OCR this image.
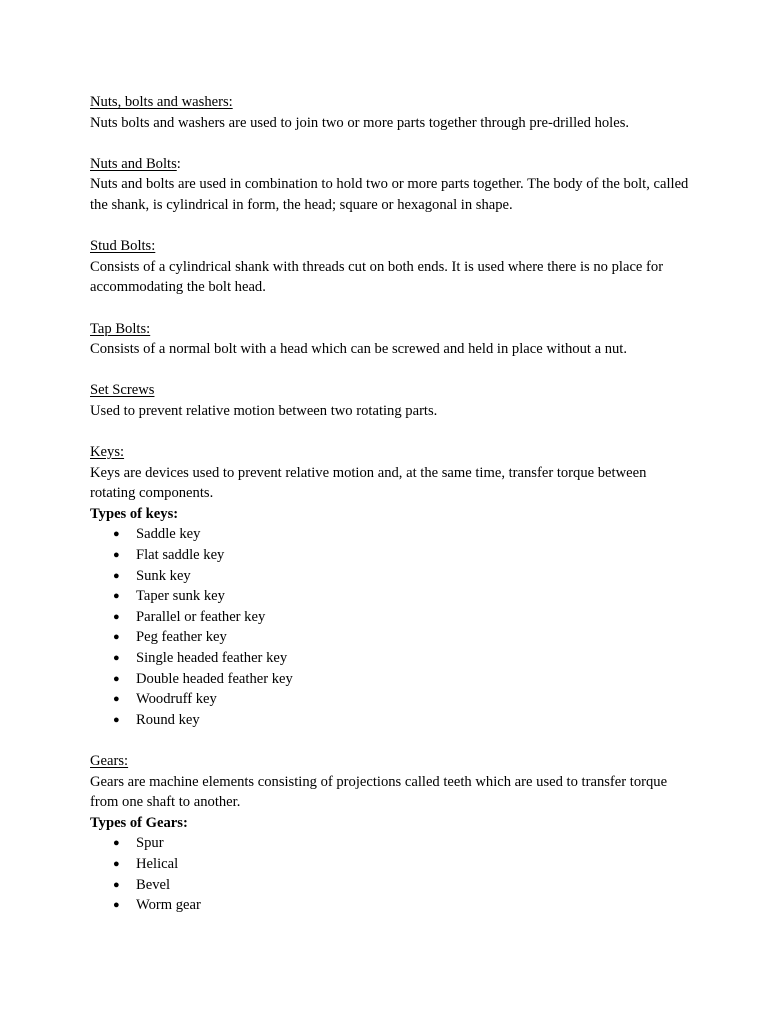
Nuts, bolts and washers:

Nuts bolts and washers are used to join two or more parts together through pre-drilled holes.

Nuts and Bolts:

Nuts and bolts are used in combination to hold two or more parts together. The body of the bolt, called the shank, is cylindrical in form, the head; square or hexagonal in shape.

Stud Bolts:

Consists of a cylindrical shank with threads cut on both ends. It is used where there is no place for accommodating the bolt head.

Tap Bolts:

Consists of a normal bolt with a head which can be screwed and held in place without a nut.

Set Screws

Used to prevent relative motion between two rotating parts.

Keys:

Keys are devices used to prevent relative motion and, at the same time, transfer torque between rotating components.

Types of keys:
● Saddle key
● Flat saddle key
● Sunk key
● Taper sunk key
● Parallel or feather key
● Peg feather key
● Single headed feather key
● Double headed feather key
● Woodruff key
● Round key
Gears:

Gears are machine elements consisting of projections called teeth which are used to transfer torque from one shaft to another.

Types of Gears:
● Spur
● Helical
● Bevel
● Worm gear
